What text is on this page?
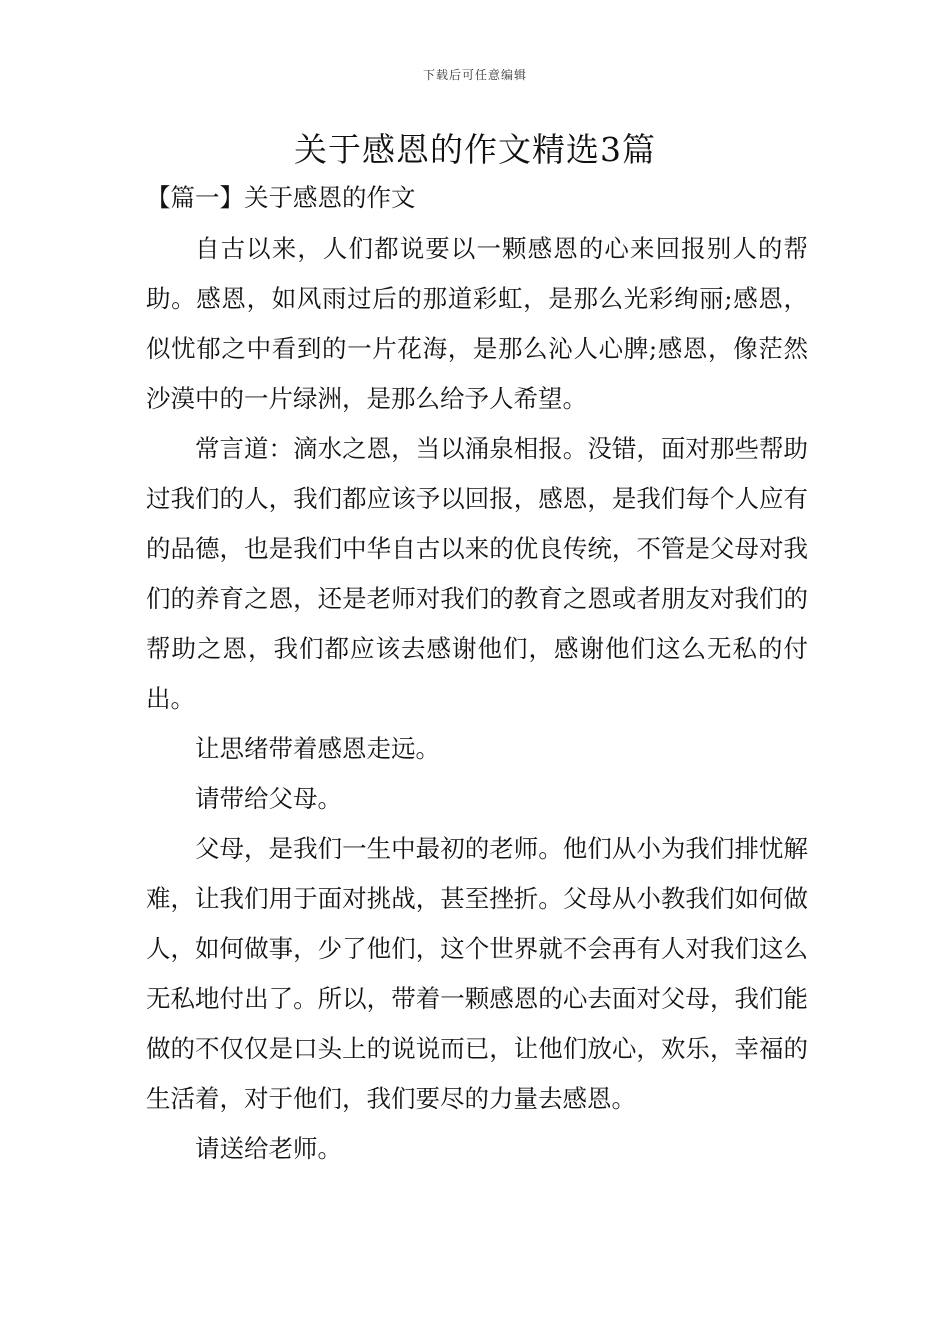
下载后可任意编辑
关于感恩的作文精选3篇
【篇一】关于感恩的作文

自古以来，人们都说要以一颗感恩的心来回报别人的帮助。感恩，如风雨过后的那道彩虹，是那么光彩绚丽;感恩，似忧郁之中看到的一片花海，是那么沁人心脾;感恩，像茫然沙漠中的一片绿洲，是那么给予人希望。

常言道：滴水之恩，当以涌泉相报。没错，面对那些帮助过我们的人，我们都应该予以回报，感恩，是我们每个人应有的品德，也是我们中华自古以来的优良传统，不管是父母对我们的养育之恩，还是老师对我们的教育之恩或者朋友对我们的帮助之恩，我们都应该去感谢他们，感谢他们这么无私的付出。

让思绪带着感恩走远。

请带给父母。

父母，是我们一生中最初的老师。他们从小为我们排忧解难，让我们用于面对挑战，甚至挫折。父母从小教我们如何做人，如何做事，少了他们，这个世界就不会再有人对我们这么无私地付出了。所以，带着一颗感恩的心去面对父母，我们能做的不仅仅是口头上的说说而已，让他们放心，欢乐，幸福的生活着，对于他们，我们要尽的力量去感恩。

请送给老师。
